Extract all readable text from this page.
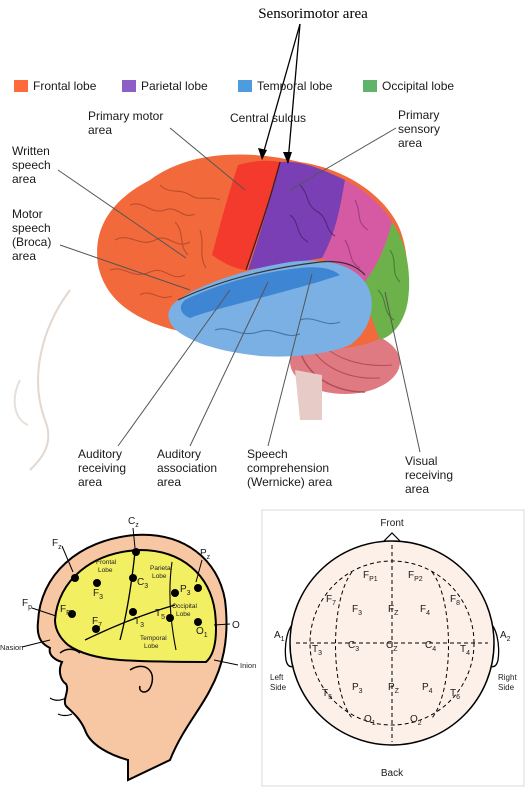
Sensorimotor area
Frontal lobe	Parietal lobe	Temporal lobe	Occipital lobe
Primary motor area
Central sulcus	Primary sensory area
Written speech area
Motor speech (Broca) area
Auditory receiving area
Auditory association area
Speech comprehension (Wernicke) area
Visual receiving area
$C_z$
$F_z$
$P_z$
$F_p$	$F_{P1}$
$F_3$
$F_7$
$C_3$
$T_3$
$T_5$
$P_3$
$O_1$
O
Frontal Lobe	Parietal Lobe
Occipital Lobe
Temporal Lobe
Nasion
Inion
Front
Back
$F_{P1}$	$F_{P2}$
$F_7$
$F_3$	$F_Z$ $F_4$
$F_8$
$A_1$
$T_3$
$C_3$	$C_Z$	$C_4$ $T_4$
$A_2$
$T_5$
$P_3$	$P_Z$ $P_4$ $T_6$
$O_1$	$O_2$
Left Side
Right Side
